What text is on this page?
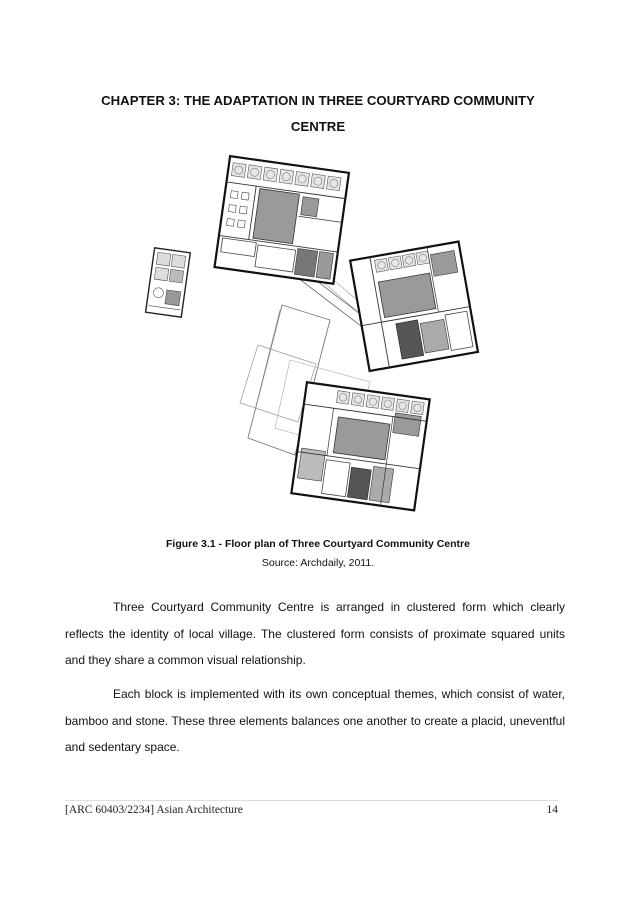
CHAPTER 3: THE ADAPTATION IN THREE COURTYARD COMMUNITY
CENTRE
Figure 3.1 - Floor plan of Three Courtyard Community Centre
Source: Archdaily, 2011.

Three Courtyard Community Centre is arranged in clustered form which clearly reflects the identity of local village. The clustered form consists of proximate squared units and they share a common visual relationship.

Each block is implemented with its own conceptual themes, which consist of water, bamboo and stone. These three elements balances one another to create a placid, uneventful and sedentary space.

[ARC 60403/2234] Asian Architecture	14
